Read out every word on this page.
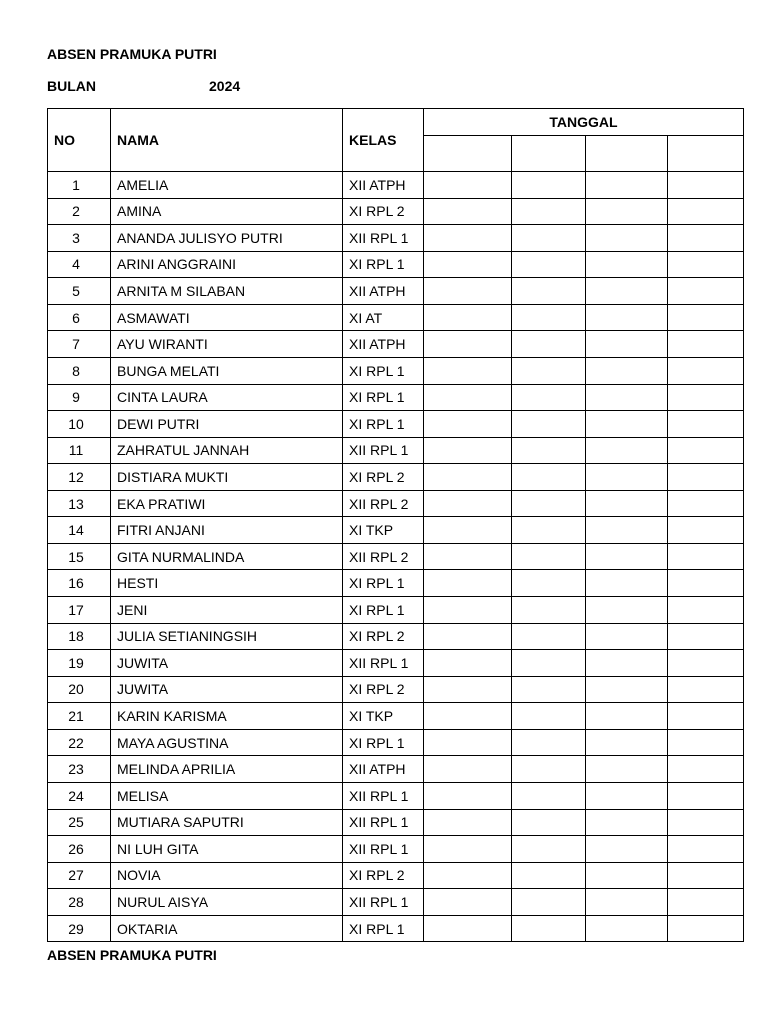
ABSEN PRAMUKA PUTRI
BULAN	2024
NO	NAMA	KELAS	TANGGAL			

1	AMELIA	XII ATPH				
2	AMINA	XI RPL 2				
3	ANANDA JULISYO PUTRI	XII RPL 1				
4	ARINI ANGGRAINI	XI RPL 1				
5	ARNITA M SILABAN	XII ATPH				
6	ASMAWATI	XI AT				
7	AYU WIRANTI	XII ATPH				
8	BUNGA MELATI	XI RPL 1				
9	CINTA LAURA	XI RPL 1				
10	DEWI PUTRI	XI RPL 1				
11	ZAHRATUL JANNAH	XII RPL 1				
12	DISTIARA MUKTI	XI RPL 2				
13	EKA PRATIWI	XII RPL 2				
14	FITRI ANJANI	XI TKP				
15	GITA NURMALINDA	XII RPL 2				
16	HESTI	XI RPL 1				
17	JENI	XI RPL 1				
18	JULIA SETIANINGSIH	XI RPL 2				
19	JUWITA	XII RPL 1				
20	JUWITA	XI RPL 2				
21	KARIN KARISMA	XI TKP				
22	MAYA AGUSTINA	XI RPL 1				
23	MELINDA APRILIA	XII ATPH				
24	MELISA	XII RPL 1				
25	MUTIARA SAPUTRI	XII RPL 1				
26	NI LUH GITA	XII RPL 1				
27	NOVIA	XI RPL 2				
28	NURUL AISYA	XII RPL 1				
29	OKTARIA	XI RPL 1				
ABSEN PRAMUKA PUTRI
